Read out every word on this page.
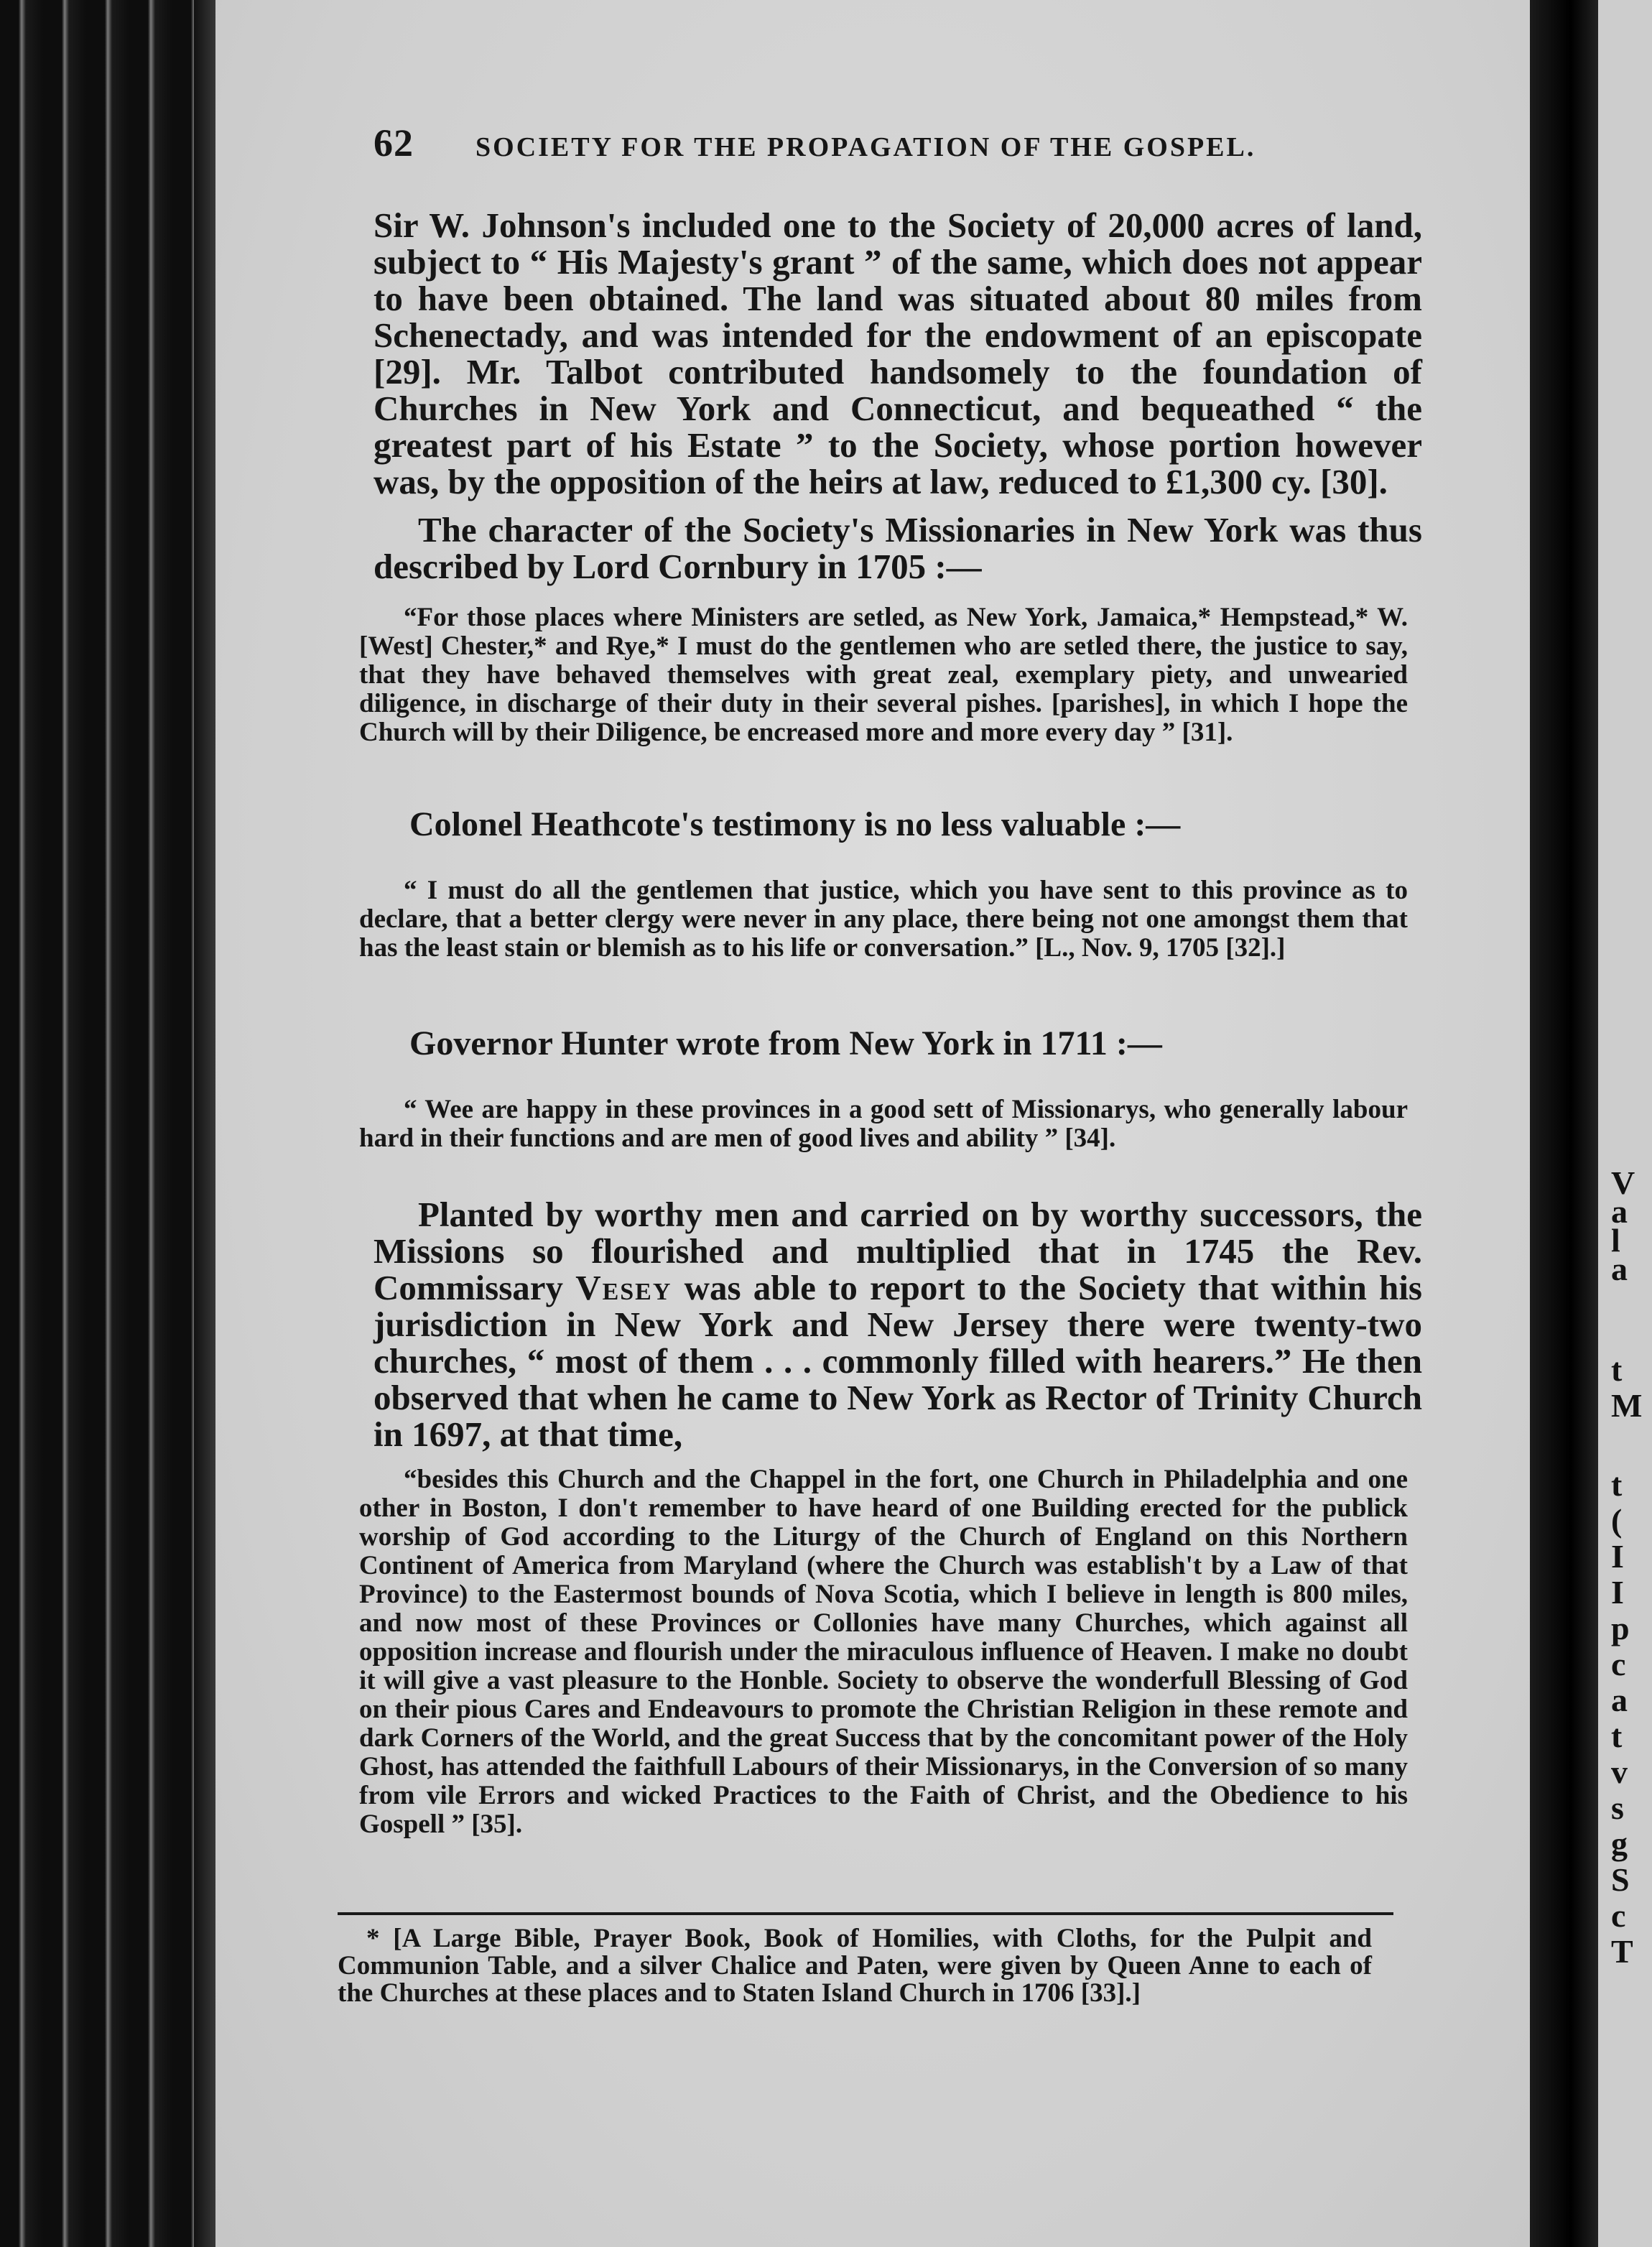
62 SOCIETY FOR THE PROPAGATION OF THE GOSPEL.

Sir W. Johnson's included one to the Society of 20,000 acres of land, subject to “ His Majesty's grant ” of the same, which does not appear to have been obtained. The land was situated about 80 miles from Schenectady, and was intended for the endowment of an episcopate [29]. Mr. Talbot contributed handsomely to the foundation of Churches in New York and Connecticut, and bequeathed “ the greatest part of his Estate ” to the Society, whose portion however was, by the opposition of the heirs at law, reduced to £1,300 cy. [30].

The character of the Society's Missionaries in New York was thus described by Lord Cornbury in 1705 :—

“For those places where Ministers are setled, as New York, Jamaica,* Hempstead,* W. [West] Chester,* and Rye,* I must do the gentlemen who are setled there, the justice to say, that they have behaved themselves with great zeal, exemplary piety, and unwearied diligence, in discharge of their duty in their several pishes. [parishes], in which I hope the Church will by their Diligence, be encreased more and more every day ” [31].

Colonel Heathcote's testimony is no less valuable :—

“ I must do all the gentlemen that justice, which you have sent to this province as to declare, that a better clergy were never in any place, there being not one amongst them that has the least stain or blemish as to his life or conversation.” [L., Nov. 9, 1705 [32].]

Governor Hunter wrote from New York in 1711 :—

“ Wee are happy in these provinces in a good sett of Missionarys, who generally labour hard in their functions and are men of good lives and ability ” [34].

Planted by worthy men and carried on by worthy successors, the Missions so flourished and multiplied that in 1745 the Rev. Commissary Vesey was able to report to the Society that within his jurisdiction in New York and New Jersey there were twenty-two churches, “ most of them . . . commonly filled with hearers.” He then observed that when he came to New York as Rector of Trinity Church in 1697, at that time,

“besides this Church and the Chappel in the fort, one Church in Philadelphia and one other in Boston, I don't remember to have heard of one Building erected for the publick worship of God according to the Liturgy of the Church of England on this Northern Continent of America from Maryland (where the Church was establish't by a Law of that Province) to the Eastermost bounds of Nova Scotia, which I believe in length is 800 miles, and now most of these Provinces or Collonies have many Churches, which against all opposition increase and flourish under the miraculous influence of Heaven. I make no doubt it will give a vast pleasure to the Honble. Society to observe the wonderfull Blessing of God on their pious Cares and Endeavours to promote the Christian Religion in these remote and dark Corners of the World, and the great Success that by the concomitant power of the Holy Ghost, has attended the faithfull Labours of their Missionarys, in the Conversion of so many from vile Errors and wicked Practices to the Faith of Christ, and the Obedience to his Gospell ” [35].

* [A Large Bible, Prayer Book, Book of Homilies, with Cloths, for the Pulpit and Communion Table, and a silver Chalice and Paten, were given by Queen Anne to each of the Churches at these places and to Staten Island Church in 1706 [33].]

V
a
l
a
t
M
t
(
I
I
p
c
a
t
v
s
g
S
c
T
